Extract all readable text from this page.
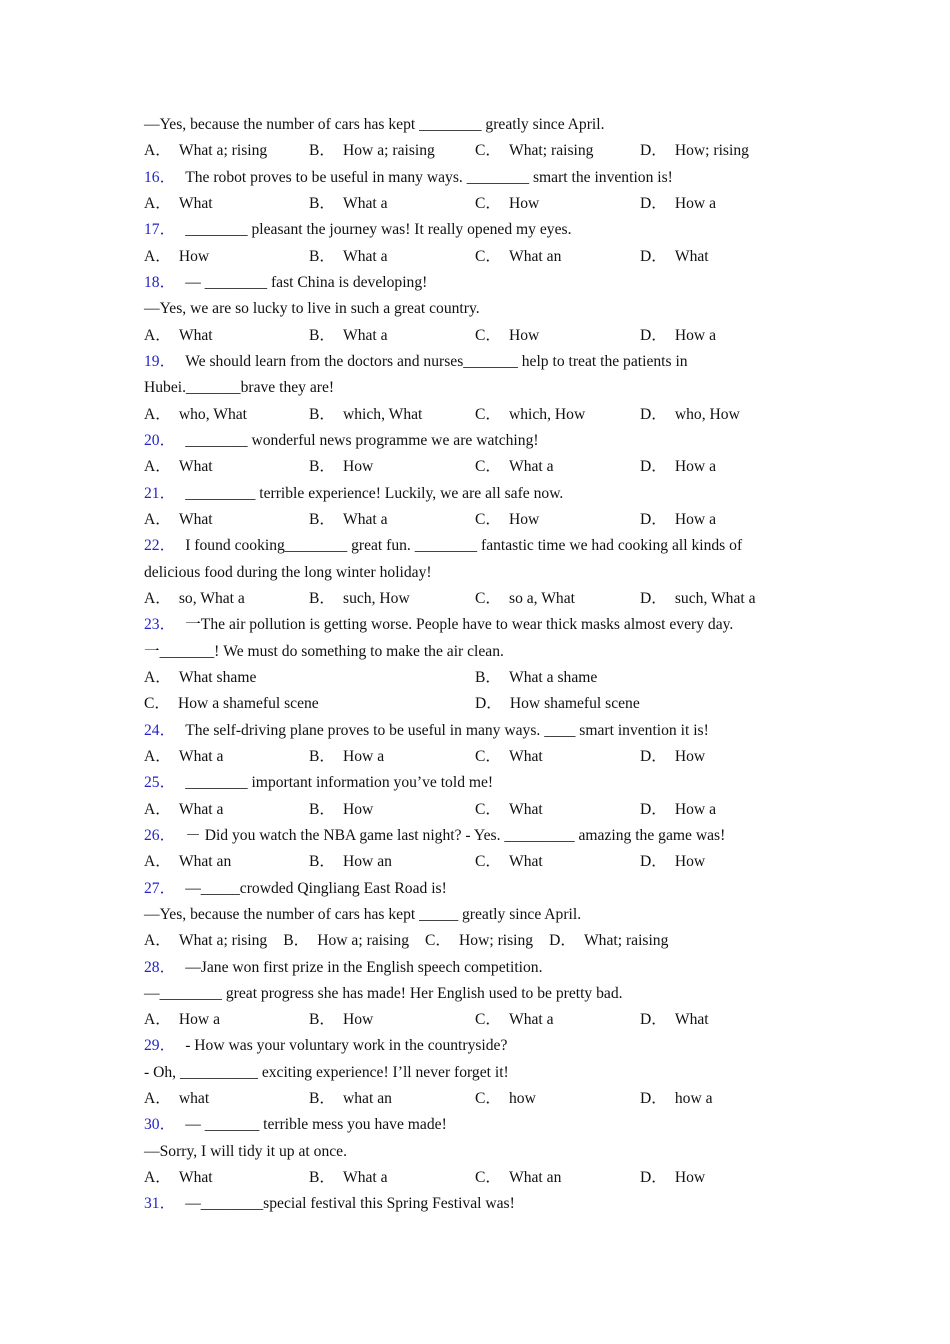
—Yes, because the number of cars has kept ________ greatly since April.
A． What a; rising	B． How a; raising	C． What; raising	D． How; rising
16． The robot proves to be useful in many ways. ________ smart the invention is!
A． What	B． What a	C． How	D． How a
17． ________ pleasant the journey was! It really opened my eyes.
A． How	B． What a	C． What an	D． What
18． — ________ fast China is developing!
—Yes, we are so lucky to live in such a great country.
A． What	B． What a	C． How	D． How a
19． We should learn from the doctors and nurses_______ help to treat the patients in
Hubei._______brave they are!
A． who, What	B． which, What	C． which, How	D． who, How
20． ________ wonderful news programme we are watching!
A． What	B． How	C． What a	D． How a
21． _________ terrible experience! Luckily, we are all safe now.
A． What	B． What a	C． How	D． How a
22． I found cooking________ great fun. ________ fantastic time we had cooking all kinds of
delicious food during the long winter holiday!
A． so, What a	B． such, How	C． so a, What	D． such, What a
23． 一The air pollution is getting worse. People have to wear thick masks almost every day.
一_______! We must do something to make the air clean.
A． What shame	B． What a shame
C． How a shameful scene	D． How shameful scene
24． The self-driving plane proves to be useful in many ways. ____ smart invention it is!
A． What a	B． How a	C． What	D． How
25． ________ important information you’ve told me!
A． What a	B． How	C． What	D． How a
26． － Did you watch the NBA game last night? - Yes. _________ amazing the game was!
A． What an	B． How an	C． What	D． How
27． —_____crowded Qingliang East Road is!
—Yes, because the number of cars has kept _____ greatly since April.
A． What a; rising B． How a; raising C． How; rising D． What; raising
28． —Jane won first prize in the English speech competition.
—________ great progress she has made! Her English used to be pretty bad.
A． How a	B． How	C． What a	D． What
29． - How was your voluntary work in the countryside?
- Oh, __________ exciting experience! I’ll never forget it!
A． what	B． what an	C． how	D． how a
30． — _______ terrible mess you have made!
—Sorry, I will tidy it up at once.
A． What	B． What a	C． What an	D． How
31． —________special festival this Spring Festival was!
